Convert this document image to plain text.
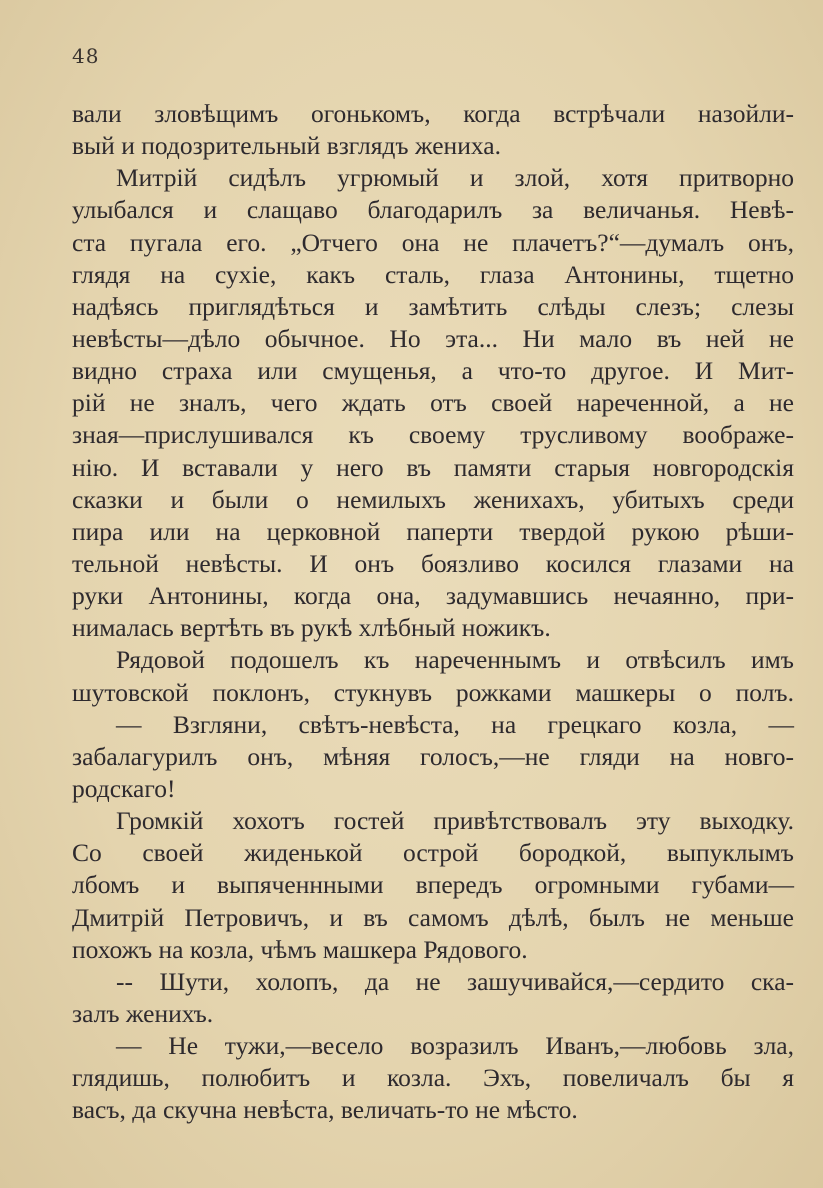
48
вали зловѣщимъ огонькомъ, когда встрѣчали назойли-
вый и подозрительный взглядъ жениха.
Митрій сидѣлъ угрюмый и злой, хотя притворно
улыбался и слащаво благодарилъ за величанья. Невѣ-
ста пугала его. „Отчего она не плачетъ?“—думалъ онъ,
глядя на сухіе, какъ сталь, глаза Антонины, тщетно
надѣясь приглядѣться и замѣтить слѣды слезъ; слезы
невѣсты—дѣло обычное. Но эта... Ни мало въ ней не
видно страха или смущенья, а что-то другое. И Мит-
рій не зналъ, чего ждать отъ своей нареченной, а не
зная—прислушивался къ своему трусливому воображе-
нію. И вставали у него въ памяти старыя новгородскія
сказки и были о немилыхъ женихахъ, убитыхъ среди
пира или на церковной паперти твердой рукою рѣши-
тельной невѣсты. И онъ боязливо косился глазами на
руки Антонины, когда она, задумавшись нечаянно, при-
нималась вертѣть въ рукѣ хлѣбный ножикъ.
Рядовой подошелъ къ нареченнымъ и отвѣсилъ имъ
шутовской поклонъ, стукнувъ рожками машкеры о полъ.
— Взгляни, свѣтъ-невѣста, на грецкаго козла, —
забалагурилъ онъ, мѣняя голосъ,—не гляди на новго-
родскаго!
Громкій хохотъ гостей привѣтствовалъ эту выходку.
Со своей жиденькой острой бородкой, выпуклымъ
лбомъ и выпяченнными впередъ огромными губами—
Дмитрій Петровичъ, и въ самомъ дѣлѣ, былъ не меньше
похожъ на козла, чѣмъ машкера Рядового.
-- Шути, холопъ, да не зашучивайся,—сердито ска-
залъ женихъ.
— Не тужи,—весело возразилъ Иванъ,—любовь зла,
глядишь, полюбитъ и козла. Эхъ, повеличалъ бы я
васъ, да скучна невѣста, величать-то не мѣсто.
